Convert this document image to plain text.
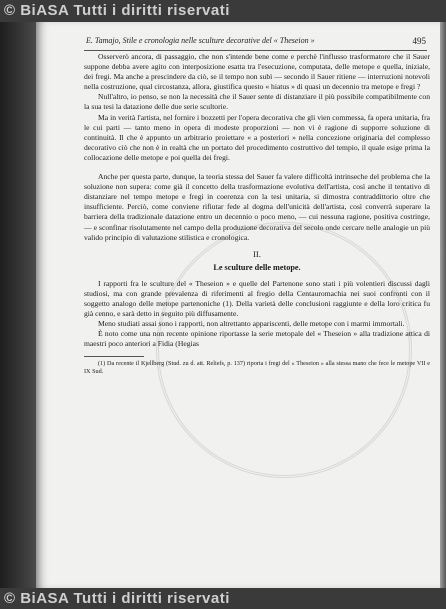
© BiASA Tutti i diritti riservati
E. Tamajo, Stile e cronologia nelle sculture decorative del « Theseion »	495

Osserverò ancora, di passaggio, che non s'intende bene come e perchè l'influsso trasformatore che il Sauer suppone debba avere agito con interposizione esatta tra l'esecuzione, computata, delle metope e quella, iniziale, dei fregi. Ma anche a prescindere da ciò, se il tempo non subì — secondo il Sauer ritiene — interruzioni notevoli nella costruzione, qual circostanza, allora, giustifica questo « hiatus » di quasi un decennio tra metope e fregi ?

Null'altro, io penso, se non la necessità che il Sauer sente di distanziare il più possibile compatibilmente con la sua tesi la datazione delle due serie scultorie.

Ma in verità l'artista, nel fornire i bozzetti per l'opera decorativa che gli vien commessa, fa opera unitaria, fra le cui parti — tanto meno in opera di modeste proporzioni — non vi è ragione di supporre soluzione di continuità. Il che è appunto un arbitrario proiettare « a posteriori » nella concezione originaria del complesso decorativo ciò che non è in realtà che un portato del procedimento costruttivo del tempio, il quale esige prima la collocazione delle metope e poi quella dei fregi.

Anche per questa parte, dunque, la teoria stessa del Sauer fa valere difficoltà intrinseche del problema che la soluzione non supera: come già il concetto della trasformazione evolutiva dell'artista, così anche il tentativo di distanziare nel tempo metope e fregi in coerenza con la tesi unitaria, si dimostra contraddittorio oltre che insufficiente. Perciò, come conviene rifiutar fede al dogma dell'unicità dell'artista, così converrà superare la barriera della tradizionale datazione entro un decennio o poco meno, — cui nessuna ragione, positiva costringe, — e sconfinar risolutamente nel campo della produzione decorativa del secolo onde cercare nelle analogie un più valido principio di valutazione stilistica e cronologica.

II.
Le sculture delle metope.

I rapporti fra le sculture del « Theseion » e quelle del Partenone sono stati i più volentieri discussi dagli studiosi, ma con grande prevalenza di riferimenti al fregio della Centauromachia nei suoi confronti con il soggetto analogo delle metope partenoniche (1). Della varietà delle conclusioni raggiunte e della loro critica fu già cenno, e sarà detto in seguito più diffusamente.

Meno studiati assai sono i rapporti, non altrettanto appariscenti, delle metope con i marmi immortali.

È noto come una non recente opinione riportasse la serie metopale del « Theseion » alla tradizione attica di maestri poco anteriori a Fidia (Hegias

(1) Da recente il Kjellberg (Stud. zu d. att. Reliefs, p. 137) riporta i fregi del « Theseion » alla stessa mano che fece le metope VII e IX Sud.

© BiASA Tutti i diritti riservati
